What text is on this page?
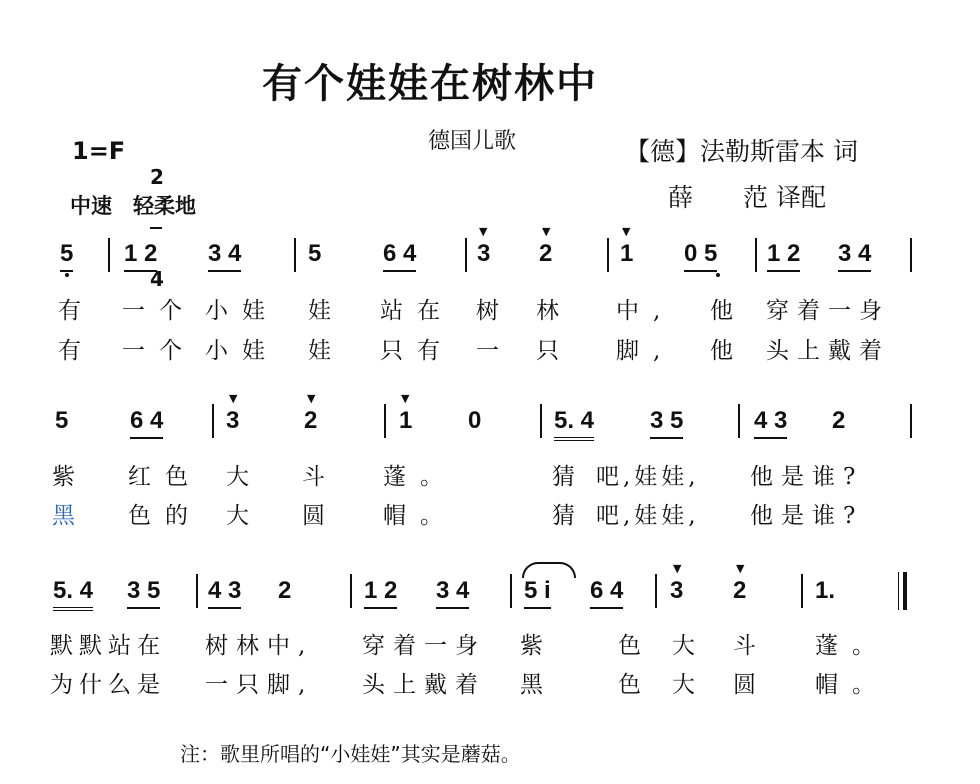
有个娃娃在树林中
德国儿歌
1=F

2

4

中速　轻柔地
【德】法勒斯雷本 词
薛　　范 译配
5 1 2 3 4	5	6 4
▼
3
▼
2
▼
1 0 5 1 2 3 4
有 一个 小娃 娃 站在 树 林 中, 他 穿着一身
有 一个 小娃 娃 只有 一 只 脚, 他 头上戴着
5	6 4
▼
3
▼
2
▼
1 0	5. 4 3 5	4 3 2
紫 红色 大 斗 蓬。	猜 吧,娃娃, 他是谁?
黑 色的 大 圆 帽。	猜 吧,娃娃, 他是谁?
5. 4 3 5 4 3 2	1 2 3 4 5 i 6 4
▼
3
▼
2	1.
默默站在 树林中, 穿着一身 紫	色 大 斗 蓬。
为什么是 一只脚, 头上戴着 黑	色 大 圆 帽。
注：歌里所唱的“小娃娃”其实是蘑菇。
